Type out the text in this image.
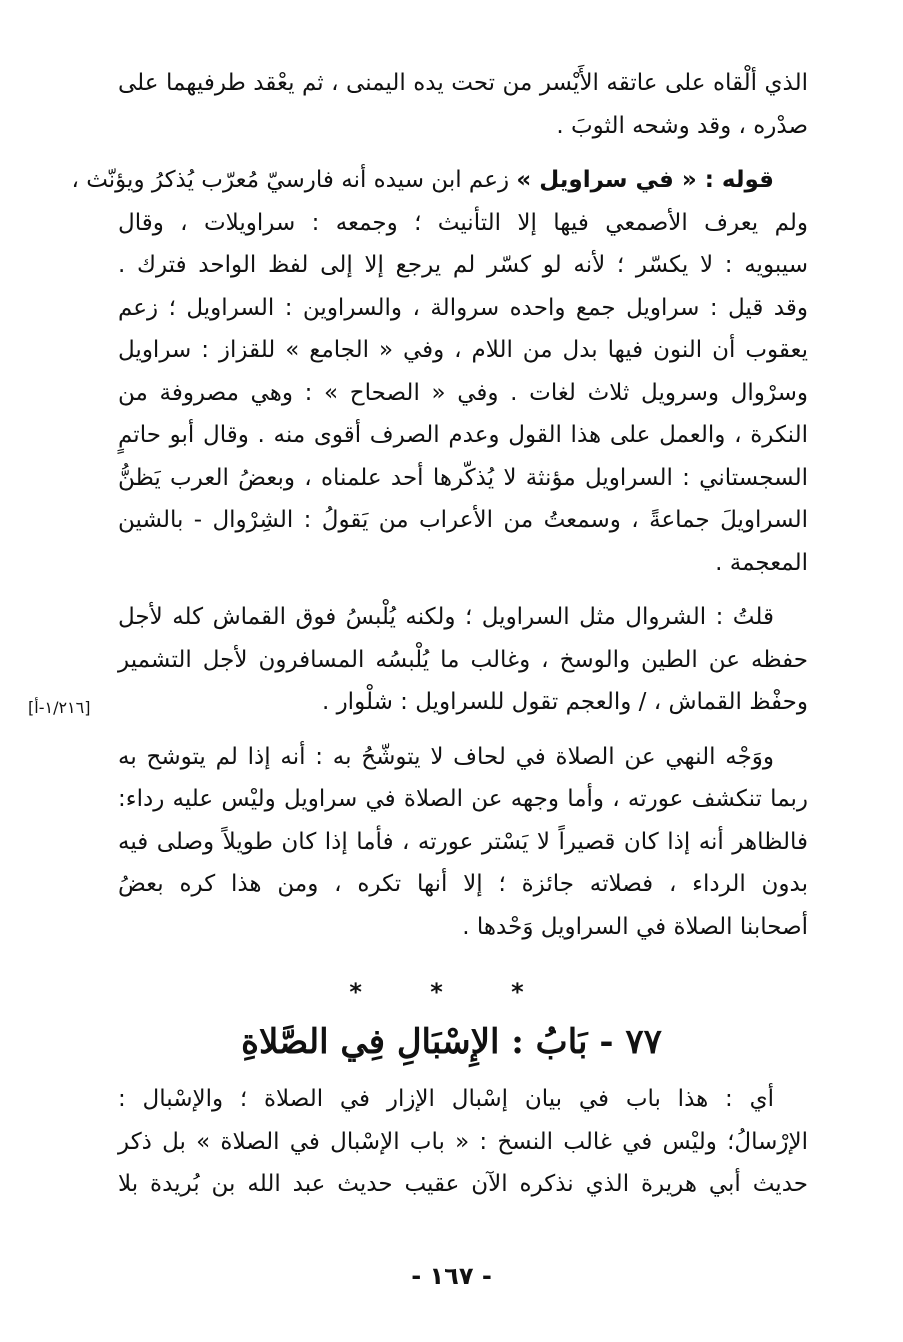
الذي ألْقاه على عاتقه الأَيْسر من تحت يده اليمنى ، ثم يعْقد طرفيهما على
صدْره ، وقد وشحه الثوبَ .
قوله : « في سراويل » زعم ابن سيده أنه فارسيّ مُعرّب يُذكرُ ويؤنّث ،
ولم يعرف الأصمعي فيها إلا التأنيث ؛ وجمعه : سراويلات ، وقال
سيبويه : لا يكسّر ؛ لأنه لو كسّر لم يرجع إلا إلى لفظ الواحد فترك .
وقد قيل : سراويل جمع واحده سروالة ، والسراوين : السراويل ؛ زعم
يعقوب أن النون فيها بدل من اللام ، وفي « الجامع » للقزاز : سراويل
وسرْوال وسرويل ثلاث لغات . وفي « الصحاح » : وهي مصروفة من
النكرة ، والعمل على هذا القول وعدم الصرف أقوى منه . وقال أبو حاتمٍ
السجستاني : السراويل مؤنثة لا يُذكّرها أحد علمناه ، وبعضُ العرب يَظنُّ
السراويلَ جماعةً ، وسمعتُ من الأعراب من يَقولُ : الشِرْوال - بالشين
المعجمة .
قلتُ : الشروال مثل السراويل ؛ ولكنه يُلْبسُ فوق القماش كله لأجل
حفظه عن الطين والوسخ ، وغالب ما يُلْبسُه المسافرون لأجل التشمير
وحفْظ القماش ، / والعجم تقول للسراويل : شلْوار .
ووَجْه النهي عن الصلاة في لحاف لا يتوشّحُ به : أنه إذا لم يتوشح به
ربما تنكشف عورته ، وأما وجهه عن الصلاة في سراويل وليْس عليه رداء:
فالظاهر أنه إذا كان قصيراً لا يَسْتر عورته ، فأما إذا كان طويلاً وصلى فيه
بدون الرداء ، فصلاته جائزة ؛ إلا أنها تكره ، ومن هذا كره بعضُ
أصحابنا الصلاة في السراويل وَحْدها .
[١/٢١٦-أ]
* * *
٧٧ - بَابُ : الإِسْبَالِ فِي الصَّلاةِ
أي : هذا باب في بيان إسْبال الإزار في الصلاة ؛ والإسْبال :
الإرْسالُ؛ وليْس في غالب النسخ : « باب الإسْبال في الصلاة » بل ذكر
حديث أبي هريرة الذي نذكره الآن عقيب حديث عبد الله بن بُريدة بلا
- ١٦٧ -
